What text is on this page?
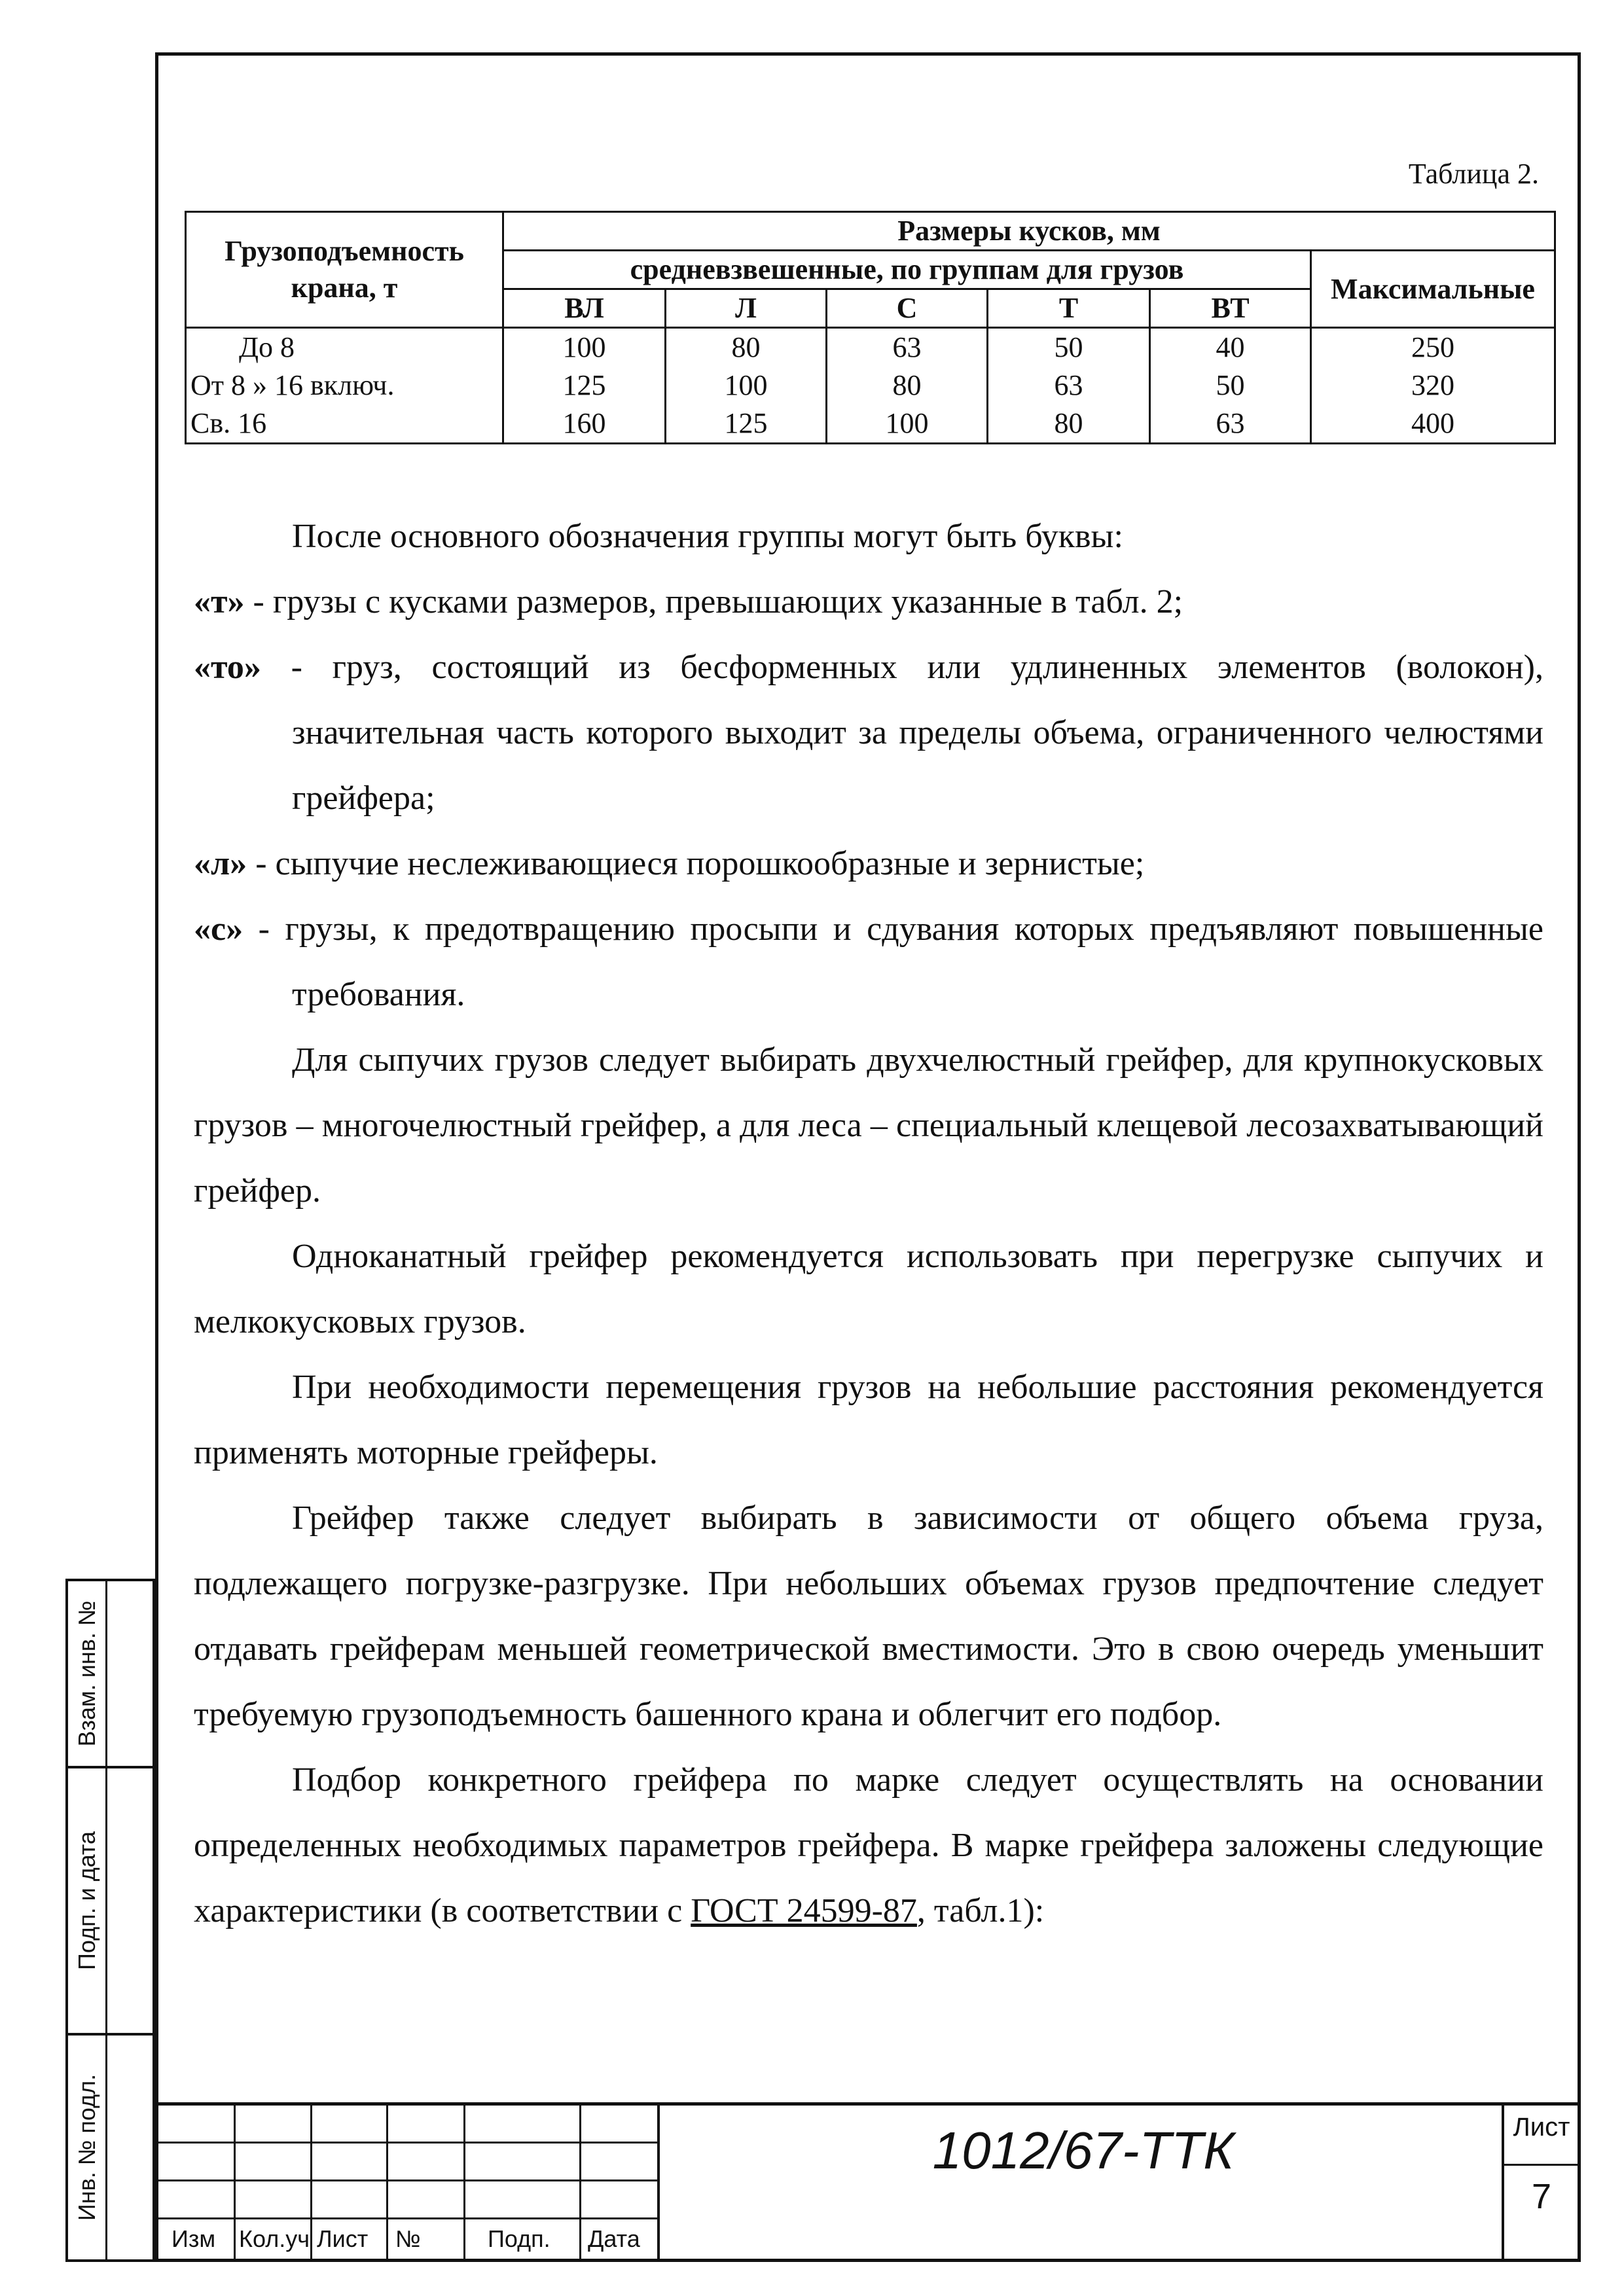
Взам. инв. №
Подп. и дата
Инв. № подл.
Таблица 2.
Грузоподъемность крана, т	Размеры кусков, мм					
	средневзвешенные, по группам для грузов					Максимальные
	ВЛ	Л	С	Т	ВТ	
До 8	100	80	63	50	40	250
От 8 » 16 включ.	125	100	80	63	50	320
Св. 16	160	125	100	80	63	400

После основного обозначения группы могут быть буквы:

«т» - грузы с кусками размеров, превышающих указанные в табл. 2;

«то» - груз, состоящий из бесформенных или удлиненных элементов (волокон), значительная часть которого выходит за пределы объема, ограниченного челюстями грейфера;

«л» - сыпучие неслеживающиеся порошкообразные и зернистые;

«с» - грузы, к предотвращению просыпи и сдувания которых предъявляют повышенные требования.

Для сыпучих грузов следует выбирать двухчелюстный грейфер, для крупнокусковых грузов – многочелюстный грейфер, а для леса – специальный клещевой лесозахватывающий грейфер.

Одноканатный грейфер рекомендуется использовать при перегрузке сыпучих и мелкокусковых грузов.

При необходимости перемещения грузов на небольшие расстояния рекомендуется применять моторные грейферы.

Грейфер также следует выбирать в зависимости от общего объема груза, подлежащего погрузке-разгрузке. При небольших объемах грузов предпочтение следует отдавать грейферам меньшей геометрической вместимости. Это в свою очередь уменьшит требуемую грузоподъемность башенного крана и облегчит его подбор.

Подбор конкретного грейфера по марке следует осуществлять на основании определенных необходимых параметров грейфера. В марке грейфера заложены следующие характеристики (в соответствии с ГОСТ 24599-87, табл.1):

Изм Кол.уч Лист №	Подп. Дата
1012/67-ТТК	Лист
7
